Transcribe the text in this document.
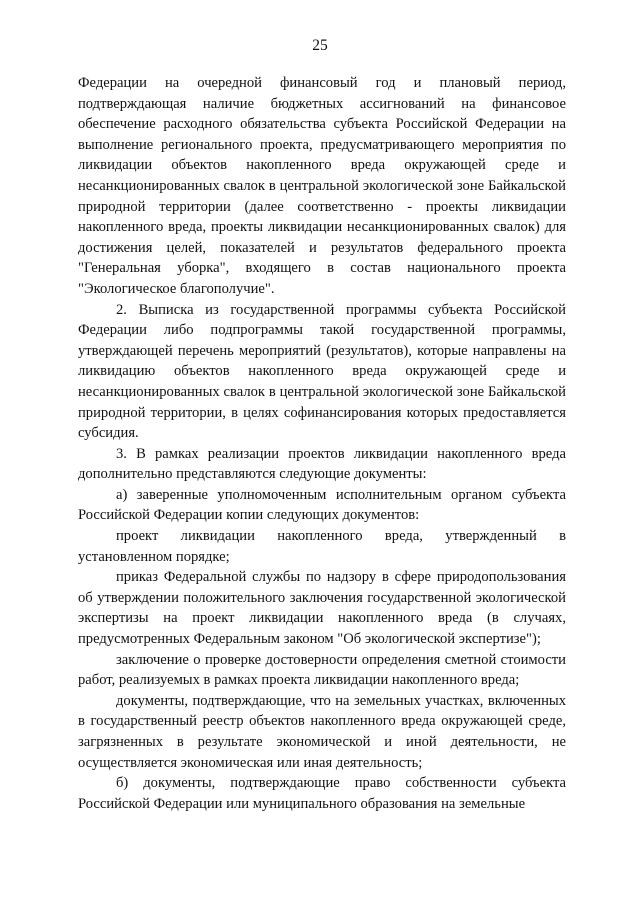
25

Федерации на очередной финансовый год и плановый период, подтверждающая наличие бюджетных ассигнований на финансовое обеспечение расходного обязательства субъекта Российской Федерации на выполнение регионального проекта, предусматривающего мероприятия по ликвидации объектов накопленного вреда окружающей среде и несанкционированных свалок в центральной экологической зоне Байкальской природной территории (далее соответственно - проекты ликвидации накопленного вреда, проекты ликвидации несанкционированных свалок) для достижения целей, показателей и результатов федерального проекта "Генеральная уборка", входящего в состав национального проекта "Экологическое благополучие".

2. Выписка из государственной программы субъекта Российской Федерации либо подпрограммы такой государственной программы, утверждающей перечень мероприятий (результатов), которые направлены на ликвидацию объектов накопленного вреда окружающей среде и несанкционированных свалок в центральной экологической зоне Байкальской природной территории, в целях софинансирования которых предоставляется субсидия.

3. В рамках реализации проектов ликвидации накопленного вреда дополнительно представляются следующие документы:

а) заверенные уполномоченным исполнительным органом субъекта Российской Федерации копии следующих документов:

проект ликвидации накопленного вреда, утвержденный в установленном порядке;

приказ Федеральной службы по надзору в сфере природопользования об утверждении положительного заключения государственной экологической экспертизы на проект ликвидации накопленного вреда (в случаях, предусмотренных Федеральным законом "Об экологической экспертизе");

заключение о проверке достоверности определения сметной стоимости работ, реализуемых в рамках проекта ликвидации накопленного вреда;

документы, подтверждающие, что на земельных участках, включенных в государственный реестр объектов накопленного вреда окружающей среде, загрязненных в результате экономической и иной деятельности, не осуществляется экономическая или иная деятельность;

б) документы, подтверждающие право собственности субъекта Российской Федерации или муниципального образования на земельные
